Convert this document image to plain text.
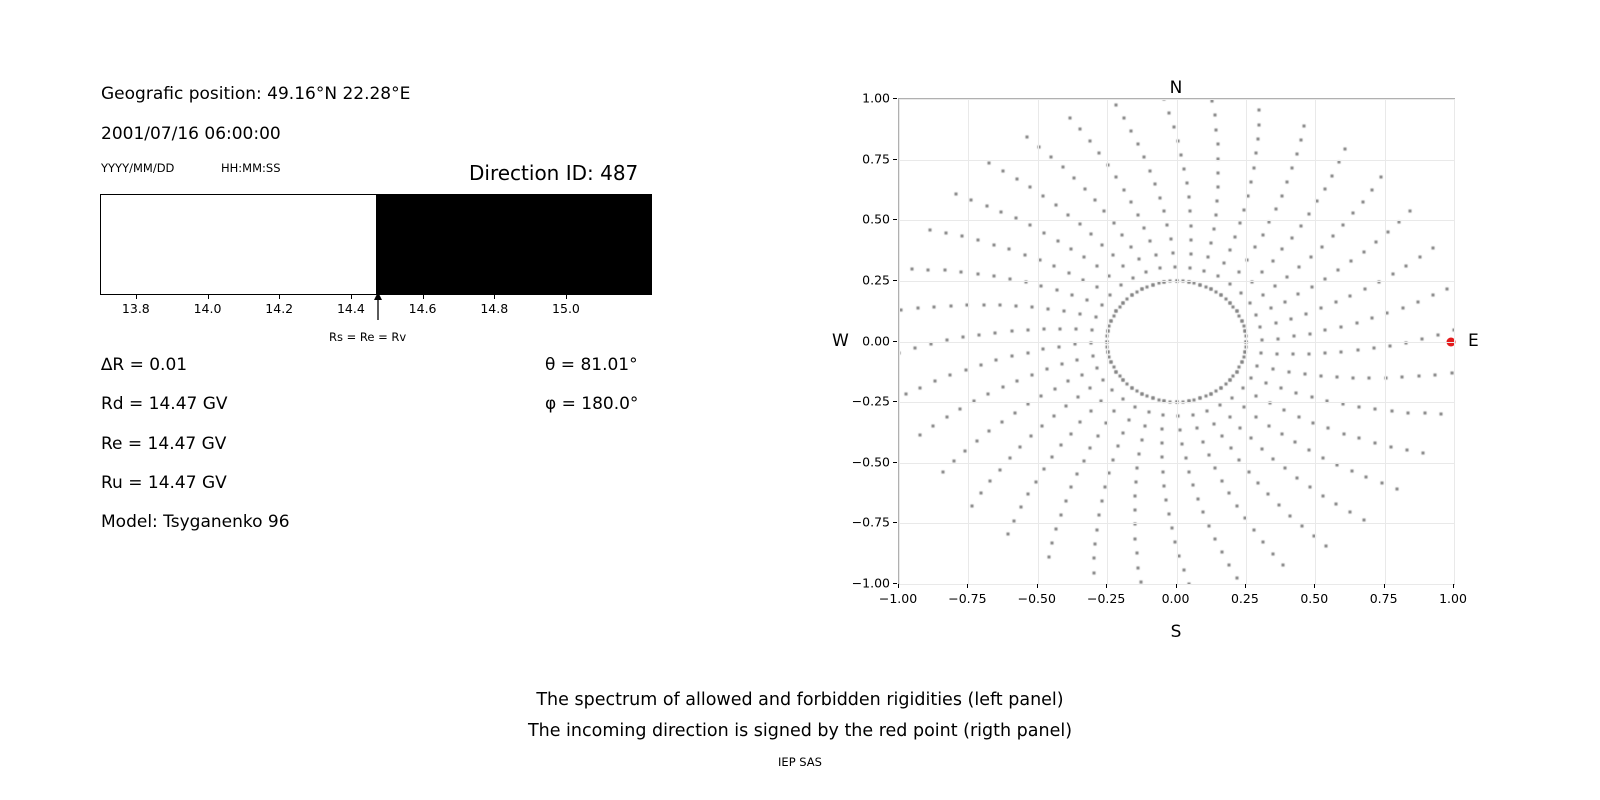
Geografic position: 49.16°N 22.28°E
2001/07/16 06:00:00
YYYY/MM/DD	HH:MM:SS	Direction ID: 487
13.8	14.0	14.2	14.4	14.6	14.8	15.0
Rs = Re = Rv
∆R = 0.01
Rd = 14.47 GV
Re = 14.47 GV
Ru = 14.47 GV
Model: Tsyganenko 96
θ = 81.01°
φ = 180.0°
N
S
W	E
−1.00 −0.75 −0.50 −0.25	0.00	0.25	0.50	0.75	1.00
−1.00
−0.75
−0.50
−0.25
0.00
0.25
0.50
0.75
1.00
The spectrum of allowed and forbidden rigidities (left panel)
The incoming direction is signed by the red point (rigth panel)
IEP SAS
